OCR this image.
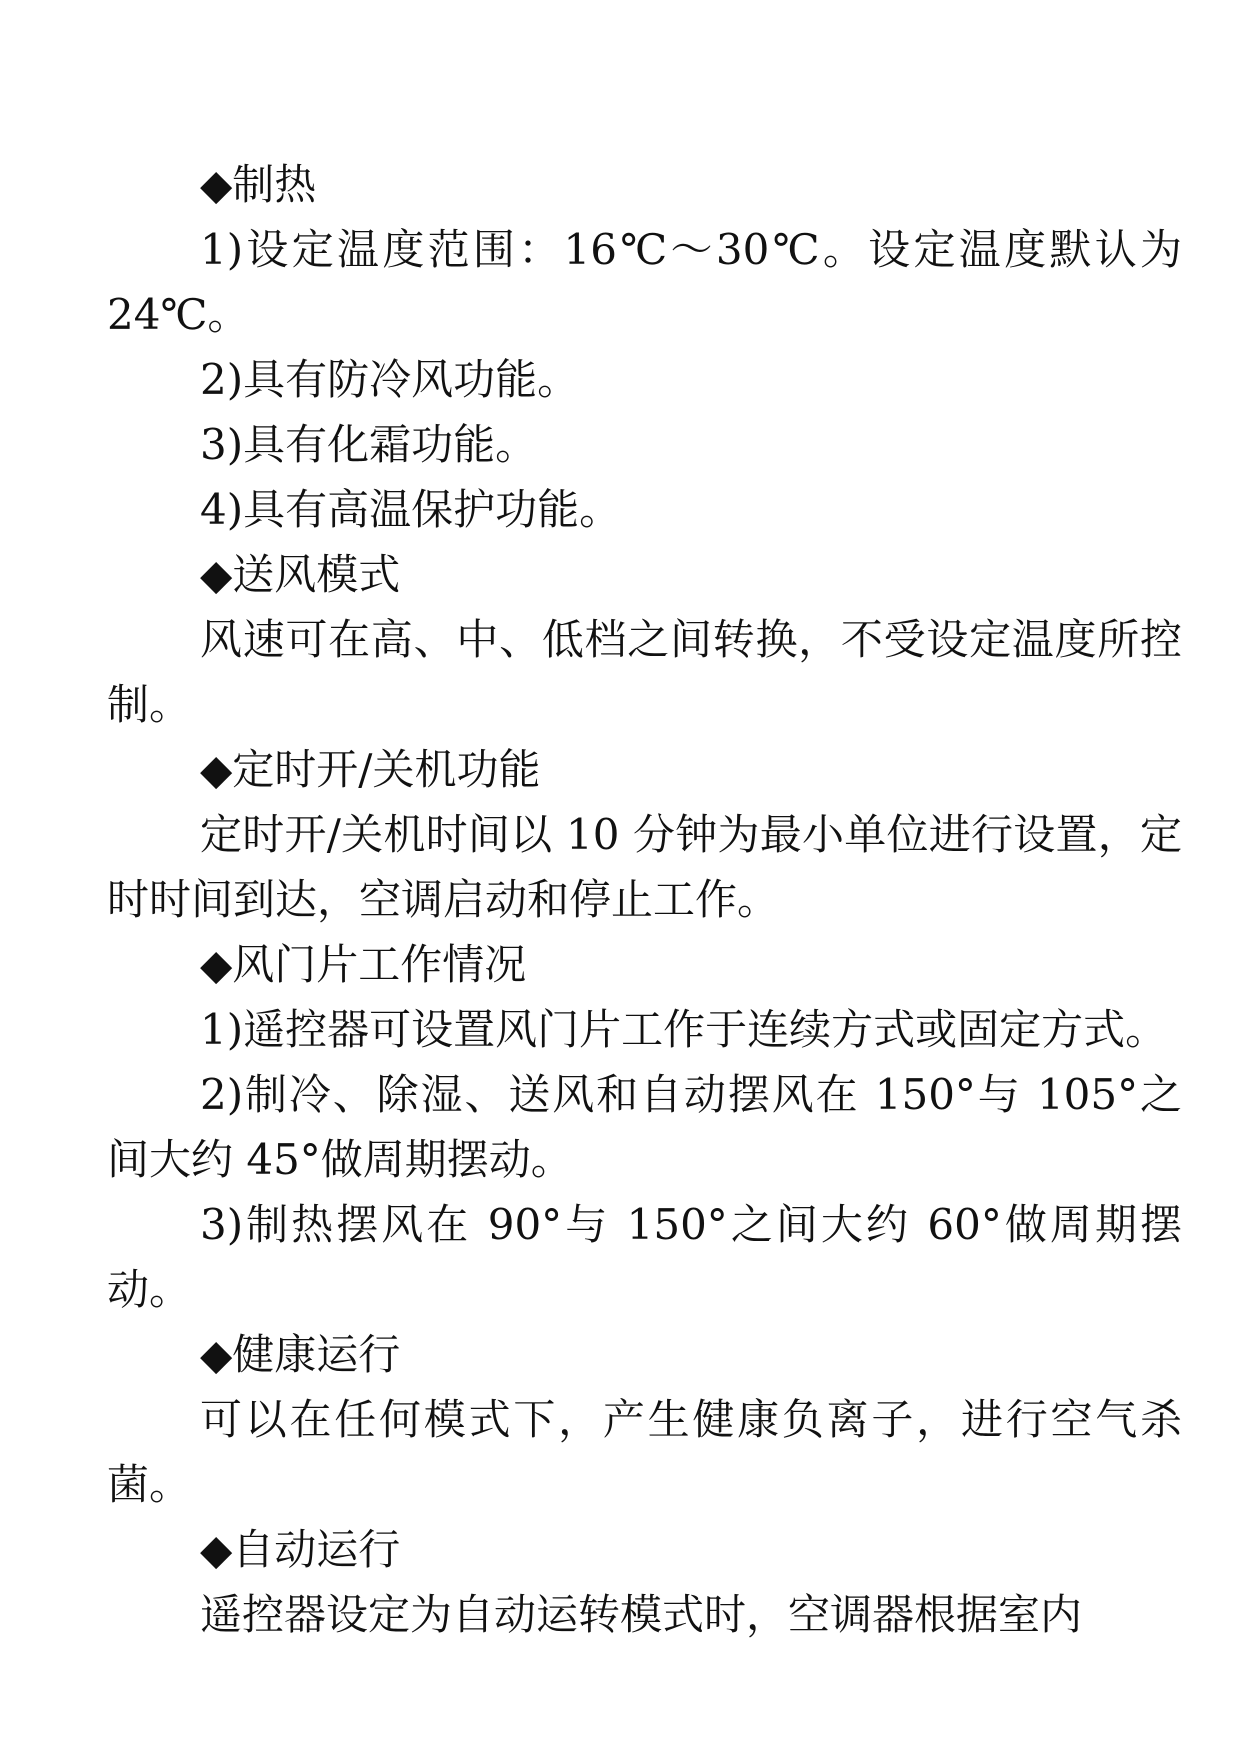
◆制热

1)设定温度范围：16℃～30℃。设定温度默认为24℃。

2)具有防冷风功能。

3)具有化霜功能。

4)具有高温保护功能。

◆送风模式

风速可在高、中、低档之间转换，不受设定温度所控制。

◆定时开/关机功能

定时开/关机时间以 10 分钟为最小单位进行设置，定时时间到达，空调启动和停止工作。

◆风门片工作情况

1)遥控器可设置风门片工作于连续方式或固定方式。

2)制冷、除湿、送风和自动摆风在 150°与 105°之间大约 45°做周期摆动。

3)制热摆风在 90°与 150°之间大约 60°做周期摆动。

◆健康运行

可以在任何模式下，产生健康负离子，进行空气杀菌。

◆自动运行

遥控器设定为自动运转模式时，空调器根据室内
